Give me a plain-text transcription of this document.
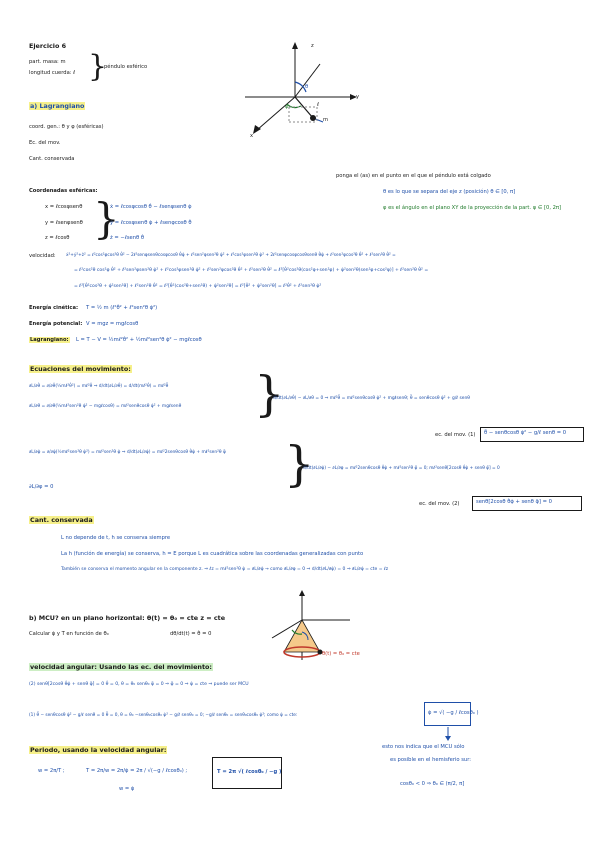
Ejercicio 6
part. masa: m
longitud cuerda: ℓ }
péndulo esférico
z
y
x
θ
φ
m
ℓ
a) Lagrangiano
coord. gen.: θ y φ (esféricas)
Ec. del mov.
Cant. conservada
ponga el (as) en el punto en el que el péndulo está colgado
θ es lo que se separa del eje z (posición) θ ∈ [0, π]
φ es el ángulo en el plano XY de la proyección de la part. φ ∈ [0, 2π]
Coordenadas esféricas:
x = ℓcosφsenθ
y = ℓsenφsenθ
z = ℓcosθ }
ẋ = ℓcosφcosθ θ̇ − ℓsenφsenθ φ̇
ẏ = ℓcosφsenθ φ̇ + ℓsenφcosθ θ̇
ż = −ℓsenθ θ̇
velocidad: ẋ²+ẏ²+ż² = ℓ²cos²φcos²θ θ̇² − 2ℓ²senφsenθcosφcosθ θ̇φ̇ + ℓ²sen²φsen²θ φ̇² + ℓ²cos²φsen²θ φ̇² + 2ℓ²senφcosφcosθsenθ θ̇φ̇ + ℓ²sen²φcos²θ θ̇² + ℓ²sen²θ θ̇² =
= ℓ²cos²θ cos²φ θ̇² + ℓ²sen²φsen²θ φ̇² + ℓ²cos²φsen²θ φ̇² + ℓ²sen²φcos²θ θ̇² + ℓ²sen²θ θ̇² = ℓ²[θ̇²cos²θ(cos²φ+sen²φ) + φ̇²sen²θ(sen²φ+cos²φ)] + ℓ²sen²θ θ̇² =
= ℓ²[θ̇²cos²θ + φ̇²sen²θ] + ℓ²sen²θ θ̇² = ℓ²[θ̇²(cos²θ+sen²θ) + φ̇²sen²θ] = ℓ²[θ̇² + φ̇²sen²θ] = ℓ²θ̇² + ℓ²sen²θ φ̇²
Energía cinética: T = ½ m (ℓ²θ̇² + ℓ²sen²θ φ̇²)
Energía potencial: V = mgz = mgℓcosθ
Lagrangiano: L = T − V = ½mℓ²θ̇² + ½mℓ²sen²θ φ̇² − mgℓcosθ
Ecuaciones del movimiento:
∂L/∂θ̇ = ∂/∂θ̇(½mℓ²θ̇²) = mℓ²θ̇ ⇒ d/dt(∂L/∂θ̇) = d/dt(mℓ²θ̇) = mℓ²θ̈
∂L/∂θ = ∂/∂θ(½mℓ²sen²θ φ̇² − mgℓcosθ) = mℓ²senθcosθ φ̇² + mgℓsenθ }
d/dt(∂L/∂θ̇) − ∂L/∂θ = 0 ⇒ mℓ²θ̈ = mℓ²senθcosθ φ̇² + mgℓsenθ; θ̈ = senθcosθ φ̇² + g/ℓ senθ
ec. del mov. (1) θ̈ − senθcosθ φ̇² − g/ℓ senθ = 0
∂L/∂φ̇ = ∂/∂φ̇(½mℓ²sen²θ φ̇²) = mℓ²sen²θ φ̇ ⇒ d/dt(∂L/∂φ̇) = mℓ²2senθcosθ θ̇φ̇ + mℓ²sen²θ φ̈
∂L/∂φ = 0	}
d/dt(∂L/∂φ̇) − ∂L/∂φ = mℓ²2senθcosθ θ̇φ̇ + mℓ²sen²θ φ̈ = 0; mℓ²senθ[2cosθ θ̇φ̇ + senθ φ̈] = 0
ec. del mov. (2)	senθ[2cosθ θ̇φ̇ + senθ φ̈] = 0
Cant. conservada
L no depende de t, h se conserva siempre
La h (función de energía) se conserva, h = E porque L es cuadrática sobre las coordenadas generalizadas con punto
También se conserva el momento angular en la componente z. ⇒ ℓz = mℓ²sen²θ φ̇ = ∂L/∂φ̇ → como ∂L/∂φ = 0 ⇒ d/dt(∂L/∂φ̇) = 0 ⇒ ∂L/∂φ̇ = cte = ℓz
b) MCU? en un plano horizontal: θ(t) = θ₀ = cte z = cte
Calcular φ̇ y T en función de θ₀	dθ/dt(t) = θ̇ = 0
θ(t) = θ₀ = cte
velocidad angular: Usando las ec. del movimiento:
(2) senθ[2cosθ θ̇φ̇ + senθ φ̈] = 0 θ̇ = 0, θ = θ₀ senθ₀ φ̈ = 0 ⇒ φ̈ = 0 ⇒ φ̇ = cte ⇒ puede ser MCU
(1) θ̈ − senθcosθ φ̇² − g/ℓ senθ = 0 θ̈ = 0, θ = θ₀ −senθ₀cosθ₀ φ̇² − g/ℓ senθ₀ = 0; −g/ℓ senθ₀ = senθ₀cosθ₀ φ̇²; como φ̇ = cte:	φ̇ = √( −g / ℓcosθ₀ )
esto nos indica que el MCU sólo
es posible en el hemisferio sur:
cosθ₀ < 0 ⇒ θ₀ ∈ (π/2, π]
Periodo, usando la velocidad angular:
w = 2π/T ;	T = 2π/w = 2π/φ̇ = 2π / √(−g / ℓcosθ₀) ;
w = φ̇
T = 2π √( ℓcosθ₀ / −g )
